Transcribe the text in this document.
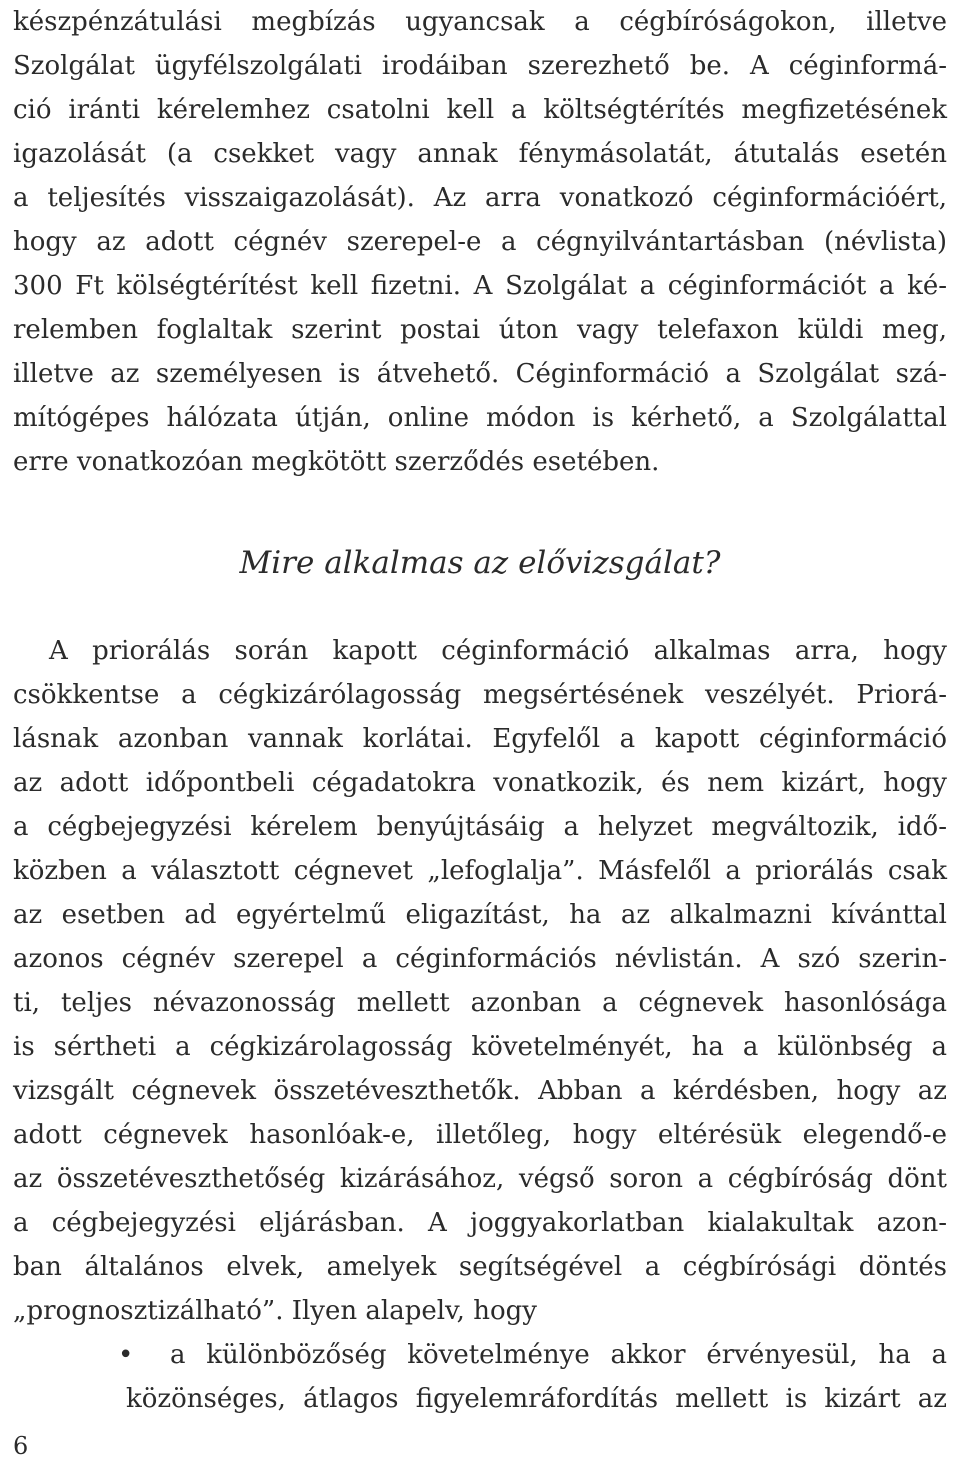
készpénzátulási megbízás ugyancsak a cégbíróságokon, illetve
Szolgálat ügyfélszolgálati irodáiban szerezhető be. A céginformá-
ció iránti kérelemhez csatolni kell a költségtérítés megfizetésének
igazolását (a csekket vagy annak fénymásolatát, átutalás esetén
a teljesítés visszaigazolását). Az arra vonatkozó céginformációért,
hogy az adott cégnév szerepel-e a cégnyilvántartásban (névlista)
300 Ft kölségtérítést kell fizetni. A Szolgálat a céginformációt a ké-
relemben foglaltak szerint postai úton vagy telefaxon küldi meg,
illetve az személyesen is átvehető. Céginformáció a Szolgálat szá-
mítógépes hálózata útján, online módon is kérhető, a Szolgálattal
erre vonatkozóan megkötött szerződés esetében.
Mire alkalmas az elővizsgálat?
A priorálás során kapott céginformáció alkalmas arra, hogy
csökkentse a cégkizárólagosság megsértésének veszélyét. Priorá-
lásnak azonban vannak korlátai. Egyfelől a kapott céginformáció
az adott időpontbeli cégadatokra vonatkozik, és nem kizárt, hogy
a cégbejegyzési kérelem benyújtásáig a helyzet megváltozik, idő-
közben a választott cégnevet „lefoglalja”. Másfelől a priorálás csak
az esetben ad egyértelmű eligazítást, ha az alkalmazni kívánttal
azonos cégnév szerepel a céginformációs névlistán. A szó szerin-
ti, teljes névazonosság mellett azonban a cégnevek hasonlósága
is sértheti a cégkizárolagosság követelményét, ha a különbség a
vizsgált cégnevek összetéveszthetők. Abban a kérdésben, hogy az
adott cégnevek hasonlóak-e, illetőleg, hogy eltérésük elegendő-e
az összetéveszthetőség kizárásához, végső soron a cégbíróság dönt
a cégbejegyzési eljárásban. A joggyakorlatban kialakultak azon-
ban általános elvek, amelyek segítségével a cégbírósági döntés
„prognosztizálható”. Ilyen alapelv, hogy
•	a különbözőség követelménye akkor érvényesül, ha a
közönséges, átlagos figyelemráfordítás mellett is kizárt az
6
